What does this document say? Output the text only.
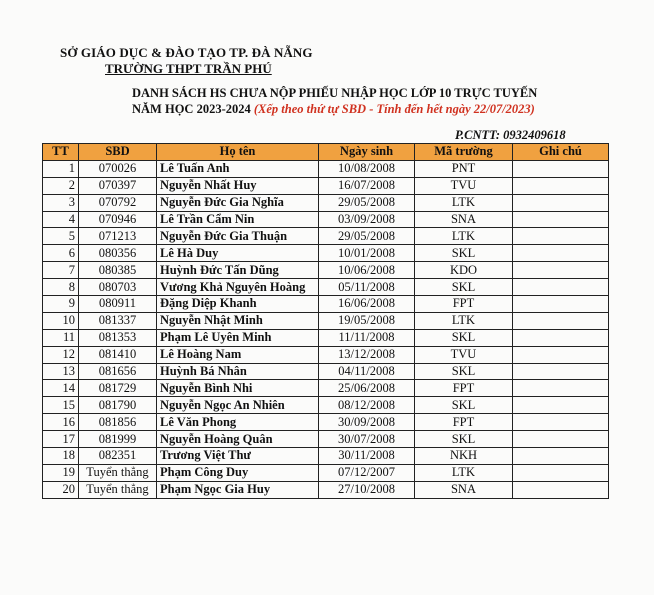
SỞ GIÁO DỤC & ĐÀO TẠO TP. ĐÀ NẴNG
TRƯỜNG THPT TRẦN PHÚ
DANH SÁCH HS CHƯA NỘP PHIẾU NHẬP HỌC LỚP 10 TRỰC TUYẾN
NĂM HỌC 2023-2024 (Xếp theo thứ tự SBD - Tính đến hết ngày 22/07/2023)
P.CNTT: 0932409618
TT	SBD	Họ tên	Ngày sinh	Mã trường	Ghi chú
1	070026	Lê Tuấn Anh	10/08/2008	PNT	
2	070397	Nguyễn Nhất Huy	16/07/2008	TVU	
3	070792	Nguyễn Đức Gia Nghĩa	29/05/2008	LTK	
4	070946	Lê Trần Cẩm Nin	03/09/2008	SNA	
5	071213	Nguyễn Đức Gia Thuận	29/05/2008	LTK	
6	080356	Lê Hà Duy	10/01/2008	SKL	
7	080385	Huỳnh Đức Tấn Dũng	10/06/2008	KDO	
8	080703	Vương Khả Nguyên Hoàng	05/11/2008	SKL	
9	080911	Đặng Diệp Khanh	16/06/2008	FPT	
10	081337	Nguyễn Nhật Minh	19/05/2008	LTK	
11	081353	Phạm Lê Uyên Minh	11/11/2008	SKL	
12	081410	Lê Hoàng Nam	13/12/2008	TVU	
13	081656	Huỳnh Bá Nhân	04/11/2008	SKL	
14	081729	Nguyễn Bình Nhi	25/06/2008	FPT	
15	081790	Nguyễn Ngọc An Nhiên	08/12/2008	SKL	
16	081856	Lê Văn Phong	30/09/2008	FPT	
17	081999	Nguyễn Hoàng Quân	30/07/2008	SKL	
18	082351	Trương Việt Thư	30/11/2008	NKH	
19	Tuyển thẳng	Phạm Công Duy	07/12/2007	LTK	
20	Tuyển thẳng	Phạm Ngọc Gia Huy	27/10/2008	SNA	
